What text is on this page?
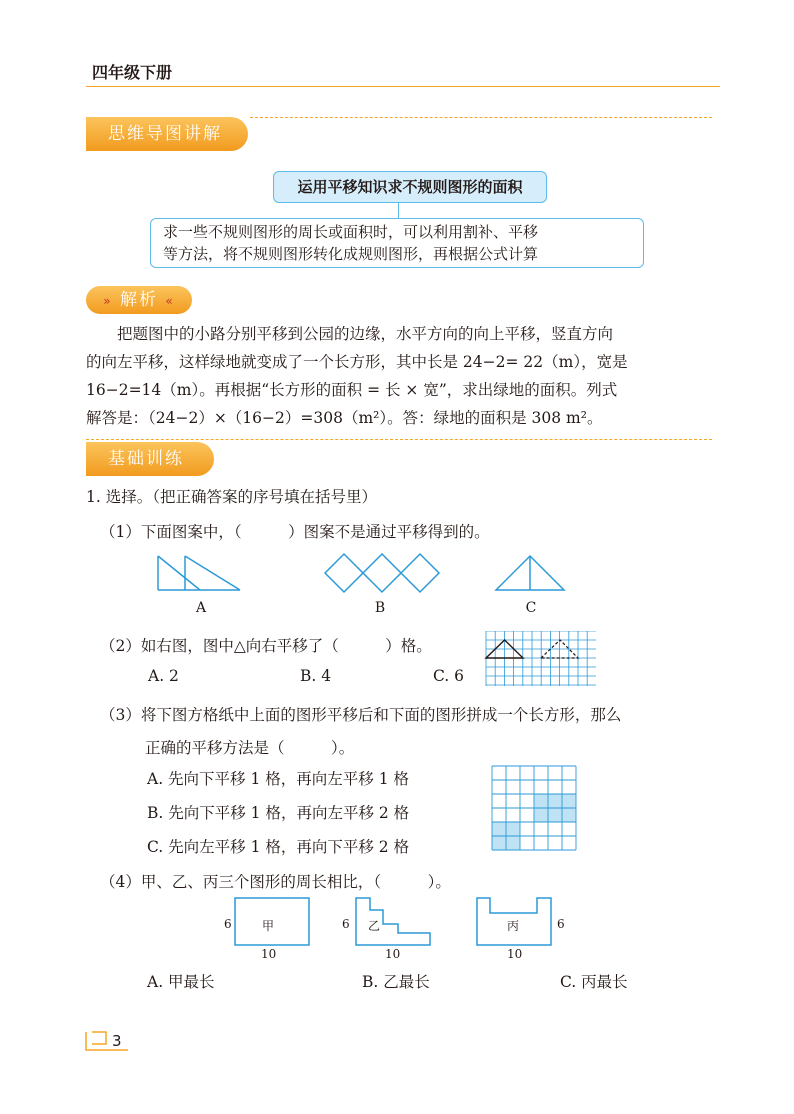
四年级下册
思维导图讲解
运用平移知识求不规则图形的面积
求一些不规则图形的周长或面积时，可以利用割补、平移
等方法，将不规则图形转化成规则图形，再根据公式计算
» 解析 «

把题图中的小路分别平移到公园的边缘，水平方向的向上平移，竖直方向

的向左平移，这样绿地就变成了一个长方形，其中长是 24−2= 22（m），宽是

16−2=14（m）。再根据“长方形的面积 = 长 × 宽”，求出绿地的面积。列式

解答是：（24−2）×（16−2）=308（m²）。答：绿地的面积是 308 m²。

基础训练
1. 选择。（把正确答案的序号填在括号里）
（1）下面图案中，（　　　）图案不是通过平移得到的。
A	B	C
（2）如右图，图中△向右平移了（　　　）格。
A. 2	B. 4	C. 6
（3）将下图方格纸中上面的图形平移后和下面的图形拼成一个长方形，那么
正确的平移方法是（　　　）。
A. 先向下平移 1 格，再向左平移 1 格
B. 先向下平移 1 格，再向左平移 2 格
C. 先向左平移 1 格，再向下平移 2 格
（4）甲、乙、丙三个图形的周长相比，（　　　）。
甲	乙	丙
6	6	6
10	10	10
A. 甲最长	B. 乙最长	C. 丙最长
3
